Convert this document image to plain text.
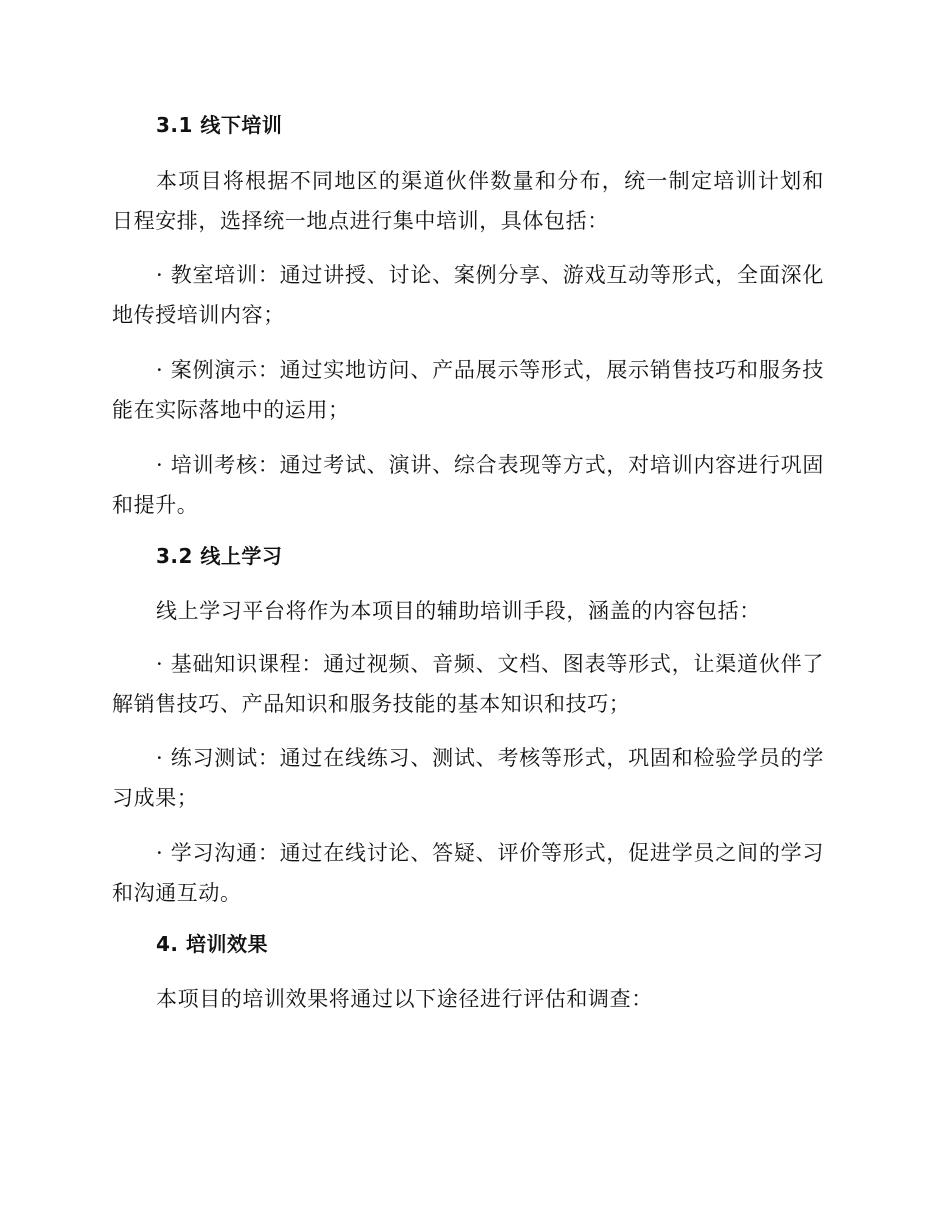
3.1 线下培训

本项目将根据不同地区的渠道伙伴数量和分布，统一制定培训计划和日程安排，选择统一地点进行集中培训，具体包括：

· 教室培训：通过讲授、讨论、案例分享、游戏互动等形式，全面深化地传授培训内容；

· 案例演示：通过实地访问、产品展示等形式，展示销售技巧和服务技能在实际落地中的运用；

· 培训考核：通过考试、演讲、综合表现等方式，对培训内容进行巩固和提升。

3.2 线上学习

线上学习平台将作为本项目的辅助培训手段，涵盖的内容包括：

· 基础知识课程：通过视频、音频、文档、图表等形式，让渠道伙伴了解销售技巧、产品知识和服务技能的基本知识和技巧；

· 练习测试：通过在线练习、测试、考核等形式，巩固和检验学员的学习成果；

· 学习沟通：通过在线讨论、答疑、评价等形式，促进学员之间的学习和沟通互动。

4. 培训效果

本项目的培训效果将通过以下途径进行评估和调查：
